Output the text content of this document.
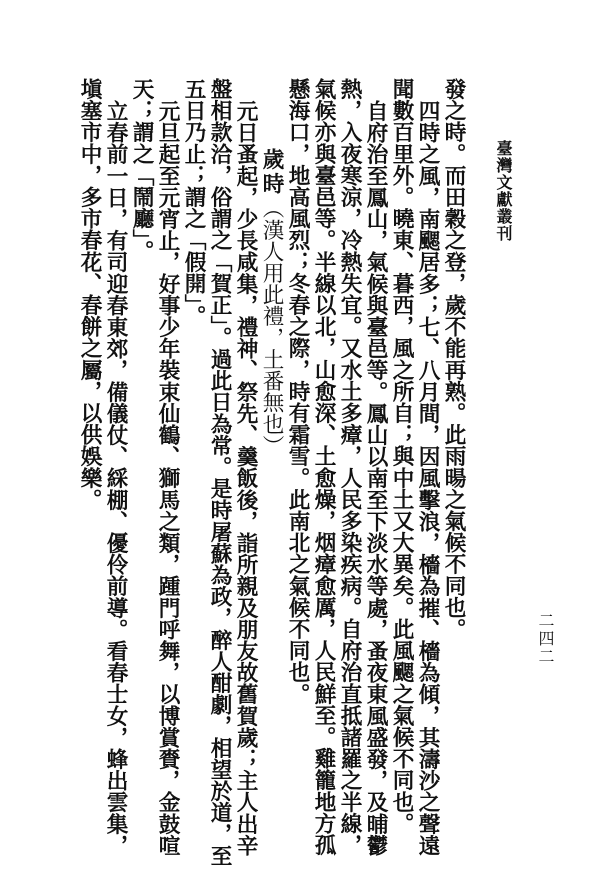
臺灣文獻叢刊
二四二

發之時。而田穀之登，歲不能再熟。此雨暘之氣候不同也。

四時之風，南颸居多；七、八月間，因風擊浪，檣為摧、檣為傾，其濤沙之聲遠聞數百里外。曉東、暮西，風之所自；與中土又大異矣。此風颸之氣候不同也。

自府治至鳳山，氣候與臺邑等。鳳山以南至下淡水等處，蚤夜東風盛發，及晡鬱熱，入夜寒涼，冷熱失宜。又水土多瘴，人民多染疾病。自府治直抵諸羅之半線，氣候亦與臺邑等。半線以北，山愈深、土愈燥，烟瘴愈厲，人民鮮至。雞籠地方孤懸海口，地高風烈；冬春之際，時有霜雪。此南北之氣候不同也。

歲時（漢人用此禮，土番無也）

元日蚤起，少長咸集，禮神、祭先、羹飯後，詣所親及朋友故舊賀歲；主人出辛盤相款洽，俗謂之「賀正」。過此日為常。是時屠蘇為政，醉人酣劇，相望於道，至五日乃止；謂之「假開」。

元旦起至元宵止，好事少年裝束仙鶴、獅馬之類，踵門呼舞，以博賞賚，金鼓喧天；謂之「鬧廳」。

立春前一日，有司迎春東郊，備儀仗、綵棚、優伶前導。看春士女，蜂出雲集，塡塞市中，多市春花、春餅之屬，以供娛樂。
